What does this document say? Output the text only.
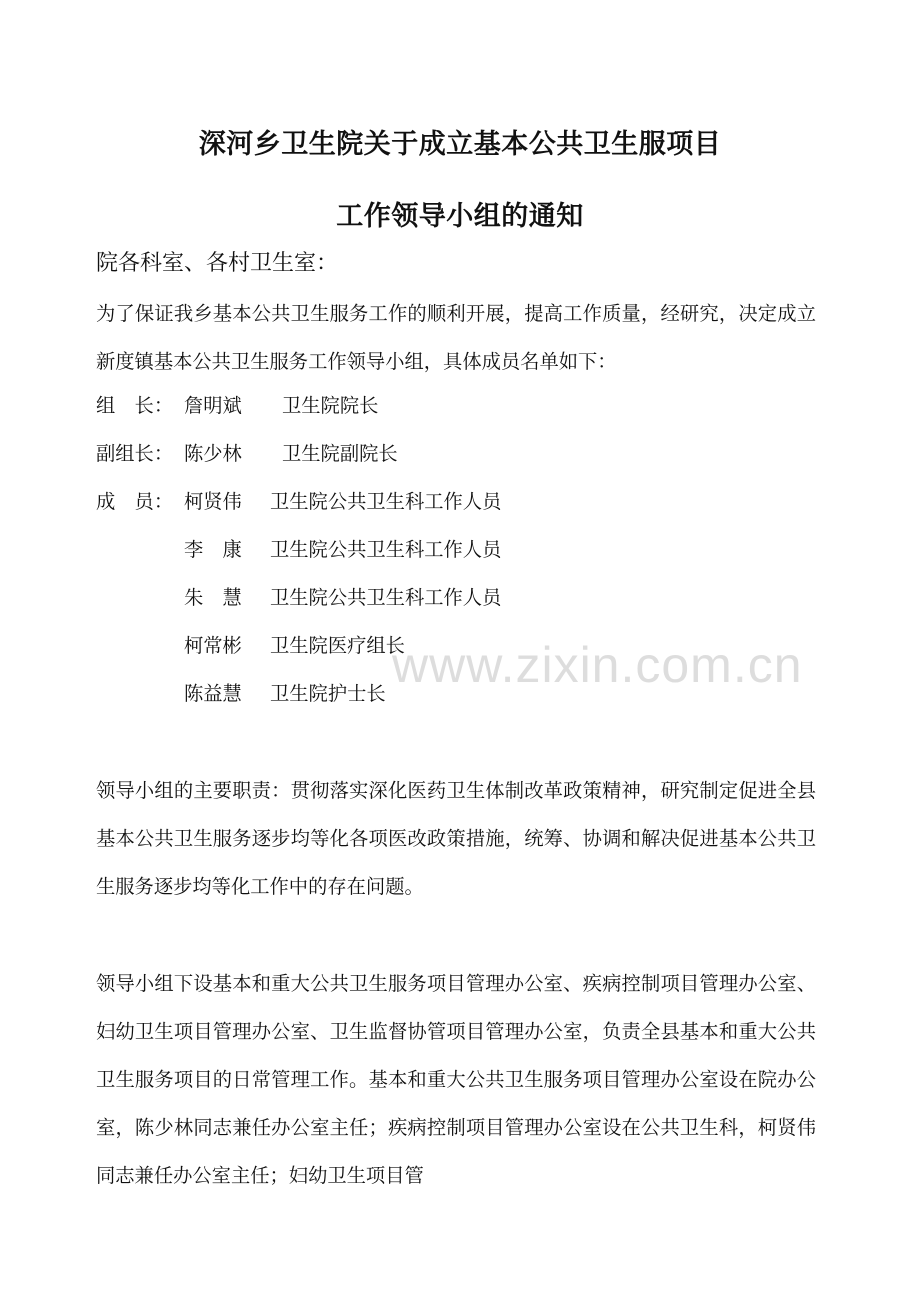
深河乡卫生院关于成立基本公共卫生服项目
工作领导小组的通知
院各科室、各村卫生室：
为了保证我乡基本公共卫生服务工作的顺利开展，提高工作质量，经研究，决定成立新度镇基本公共卫生服务工作领导小组，具体成员名单如下：
组　长： 詹明斌 卫生院院长
副组长： 陈少林 卫生院副院长
成　员： 柯贤伟 卫生院公共卫生科工作人员
李　康 卫生院公共卫生科工作人员
朱　慧 卫生院公共卫生科工作人员
柯常彬 卫生院医疗组长
陈益慧 卫生院护士长
www.zixin.com.cn
领导小组的主要职责：贯彻落实深化医药卫生体制改革政策精神，研究制定促进全县基本公共卫生服务逐步均等化各项医改政策措施，统筹、协调和解决促进基本公共卫生服务逐步均等化工作中的存在问题。
领导小组下设基本和重大公共卫生服务项目管理办公室、疾病控制项目管理办公室、妇幼卫生项目管理办公室、卫生监督协管项目管理办公室，负责全县基本和重大公共卫生服务项目的日常管理工作。基本和重大公共卫生服务项目管理办公室设在院办公室，陈少林同志兼任办公室主任；疾病控制项目管理办公室设在公共卫生科，柯贤伟同志兼任办公室主任；妇幼卫生项目管
